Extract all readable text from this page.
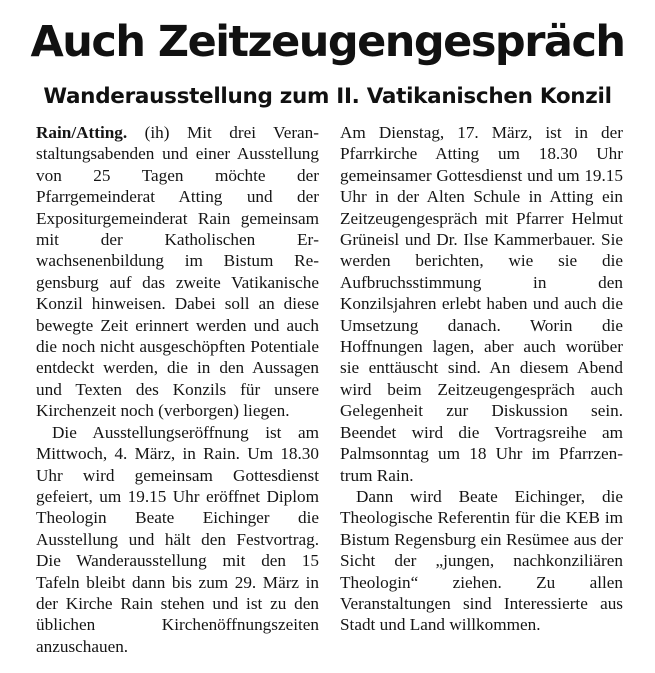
Auch Zeitzeugengespräch
Wanderausstellung zum II. Vatikanischen Konzil

Rain/Atting. (ih) Mit drei Veranstaltungsabenden und einer Ausstellung von 25 Tagen möchte der Pfarrgemeinderat Atting und der Expositurgemeinderat Rain gemeinsam mit der Katholischen Erwachsenenbildung im Bistum Regensburg auf das zweite Vatikanische Konzil hinweisen. Dabei soll an diese bewegte Zeit erinnert werden und auch die noch nicht ausgeschöpften Potentiale entdeckt werden, die in den Aussagen und Texten des Konzils für unsere Kirchenzeit noch (verborgen) liegen.

Die Ausstellungseröffnung ist am Mittwoch, 4. März, in Rain. Um 18.30 Uhr wird gemeinsam Gottesdienst gefeiert, um 19.15 Uhr eröffnet Diplom Theologin Beate Eichinger die Ausstellung und hält den Festvortrag. Die Wanderausstellung mit den 15 Tafeln bleibt dann bis zum 29. März in der Kirche Rain stehen und ist zu den üblichen Kirchenöffnungszeiten anzuschauen.

Am Dienstag, 17. März, ist in der Pfarrkirche Atting um 18.30 Uhr gemeinsamer Gottesdienst und um 19.15 Uhr in der Alten Schule in Atting ein Zeitzeugengespräch mit Pfarrer Helmut Grüneisl und Dr. Ilse Kammerbauer. Sie werden berichten, wie sie die Aufbruchsstimmung in den Konzilsjahren erlebt haben und auch die Umsetzung danach. Worin die Hoffnungen lagen, aber auch worüber sie enttäuscht sind. An diesem Abend wird beim Zeitzeugengespräch auch Gelegenheit zur Diskussion sein. Beendet wird die Vortragsreihe am Palmsonntag um 18 Uhr im Pfarrzentrum Rain.

Dann wird Beate Eichinger, die Theologische Referentin für die KEB im Bistum Regensburg ein Resümee aus der Sicht der „jungen, nachkonziliären Theologin“ ziehen. Zu allen Veranstaltungen sind Interessierte aus Stadt und Land willkommen.
